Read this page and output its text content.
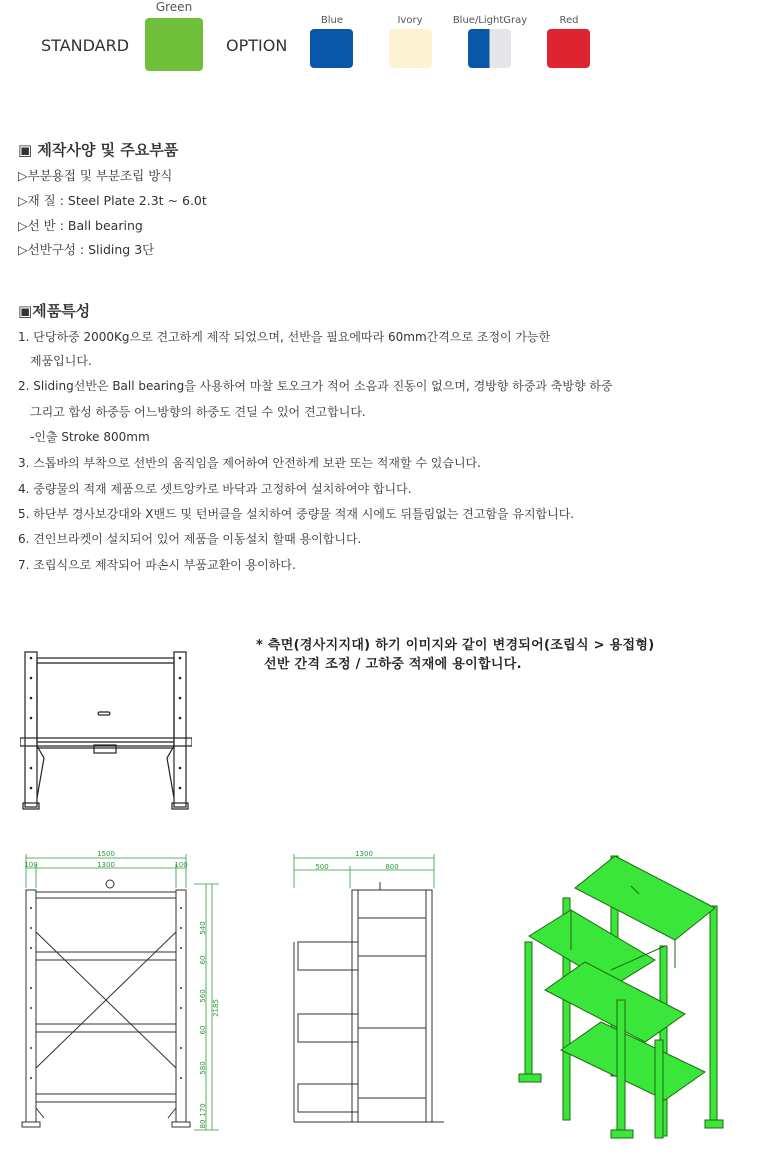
STANDARD
Green
OPTION
Blue	Ivory	Blue/LightGray	Red
▣ 제작사양 및 주요부품
▷부분용접 및 부분조립 방식
▷재 질 : Steel Plate 2.3t ~ 6.0t
▷선 반 : Ball bearing
▷선반구성 : Sliding 3단
▣제품특성
1. 단당하중 2000Kg으로 견고하게 제작 되었으며, 선반을 필요에따라 60mm간격으로 조정이 가능한
제품입니다.
2. Sliding선반은 Ball bearing을 사용하여 마찰 토오크가 적어 소음과 진동이 없으며, 경방향 하중과 축방향 하중
그리고 합성 하중등 어느방향의 하중도 견딜 수 있어 견고합니다.
-인출 Stroke 800mm
3. 스톱바의 부착으로 선반의 움직임을 제어하여 안전하게 보관 또는 적재할 수 있습니다.
4. 중량물의 적재 제품으로 셋트앙카로 바닥과 고정하여 설치하여야 합니다.
5. 하단부 경사보강대와 X밴드 및 턴버클을 설치하여 중량물 적재 시에도 뒤틀림없는 견고함을 유지합니다.
6. 견인브라켓이 설치되어 있어 제품을 이동설치 할때 용이합니다.
7. 조립식으로 제작되어 파손시 부품교환이 용이하다.
* 측면(경사지지대) 하기 이미지와 같이 변경되어(조립식 > 용접형)
선반 간격 조정 / 고하중 적재에 용이합니다.
1500
1300
100	100
2185
540
60
560
60
580
170
80
1300
500	800
